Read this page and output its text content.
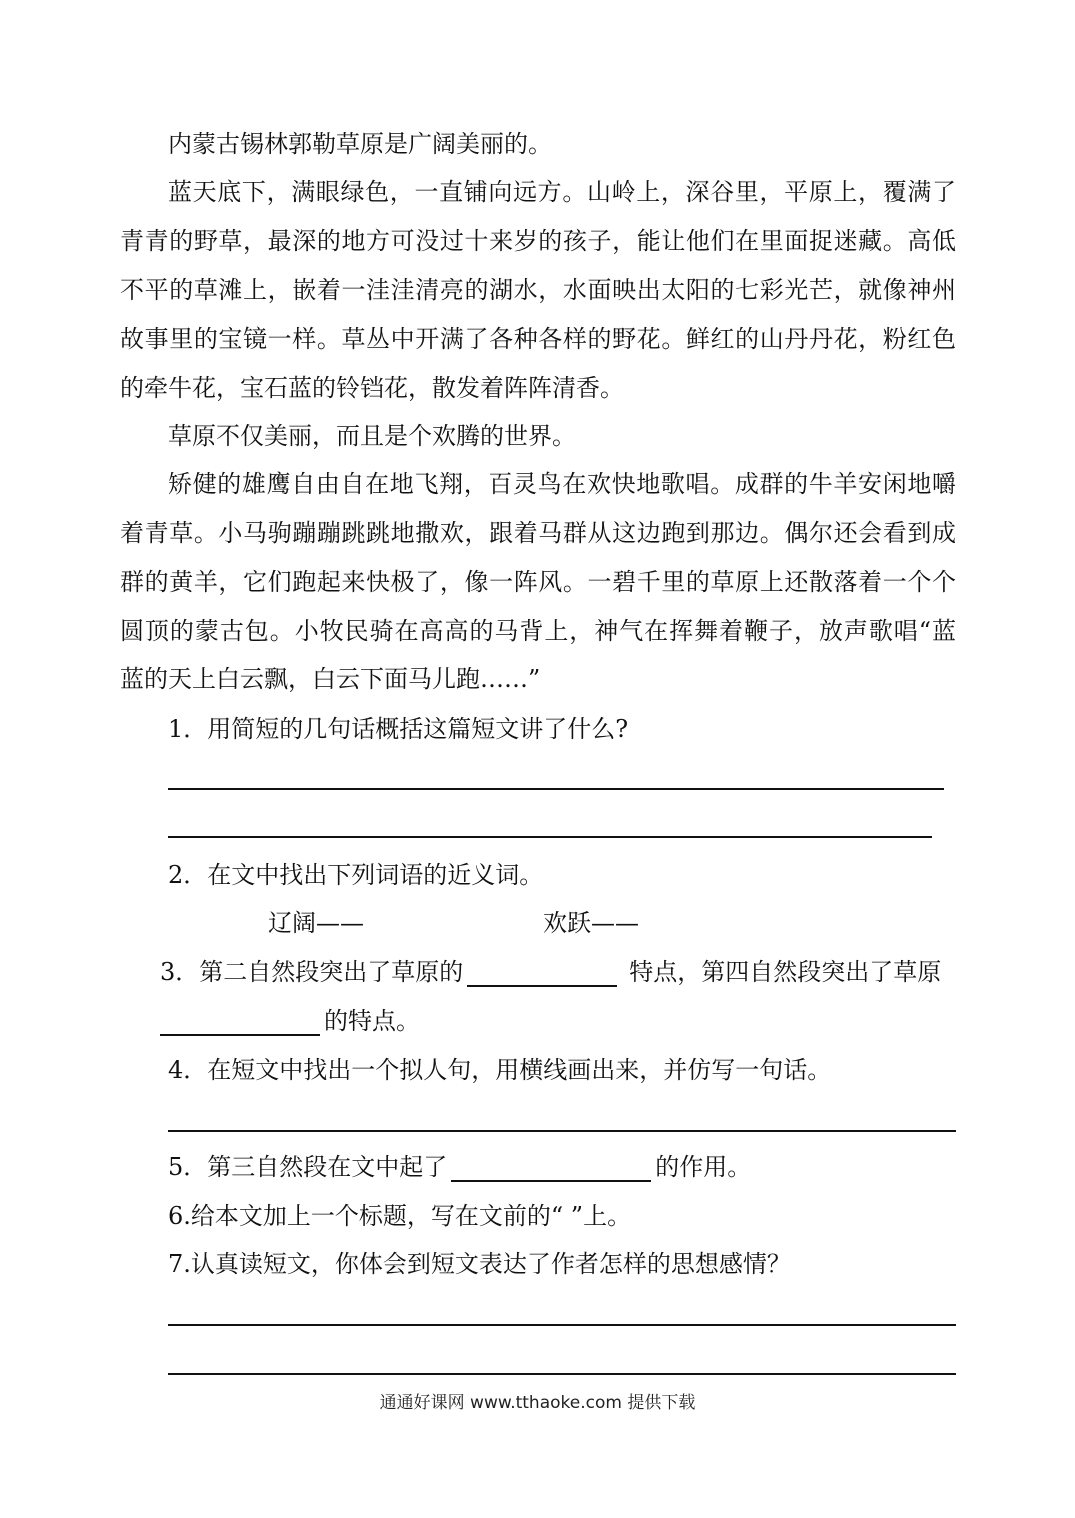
内蒙古锡林郭勒草原是广阔美丽的。
蓝天底下，满眼绿色，一直铺向远方。山岭上，深谷里，平原上，覆满了
青青的野草，最深的地方可没过十来岁的孩子，能让他们在里面捉迷藏。高低
不平的草滩上，嵌着一洼洼清亮的湖水，水面映出太阳的七彩光芒，就像神州
故事里的宝镜一样。草丛中开满了各种各样的野花。鲜红的山丹丹花，粉红色
的牵牛花，宝石蓝的铃铛花，散发着阵阵清香。
草原不仅美丽，而且是个欢腾的世界。
矫健的雄鹰自由自在地飞翔，百灵鸟在欢快地歌唱。成群的牛羊安闲地嚼
着青草。小马驹蹦蹦跳跳地撒欢，跟着马群从这边跑到那边。偶尔还会看到成
群的黄羊，它们跑起来快极了，像一阵风。一碧千里的草原上还散落着一个个
圆顶的蒙古包。小牧民骑在高高的马背上，神气在挥舞着鞭子，放声歌唱“蓝
蓝的天上白云飘，白云下面马儿跑……”
1．用简短的几句话概括这篇短文讲了什么?
2．在文中找出下列词语的近义词。
辽阔——	欢跃——
3．第二自然段突出了草原的	特点，第四自然段突出了草原
的特点。
4．在短文中找出一个拟人句，用横线画出来，并仿写一句话。
5．第三自然段在文中起了	的作用。
6.给本文加上一个标题，写在文前的“ ”上。
7.认真读短文，你体会到短文表达了作者怎样的思想感情？
通通好课网 www.tthaoke.com 提供下载
